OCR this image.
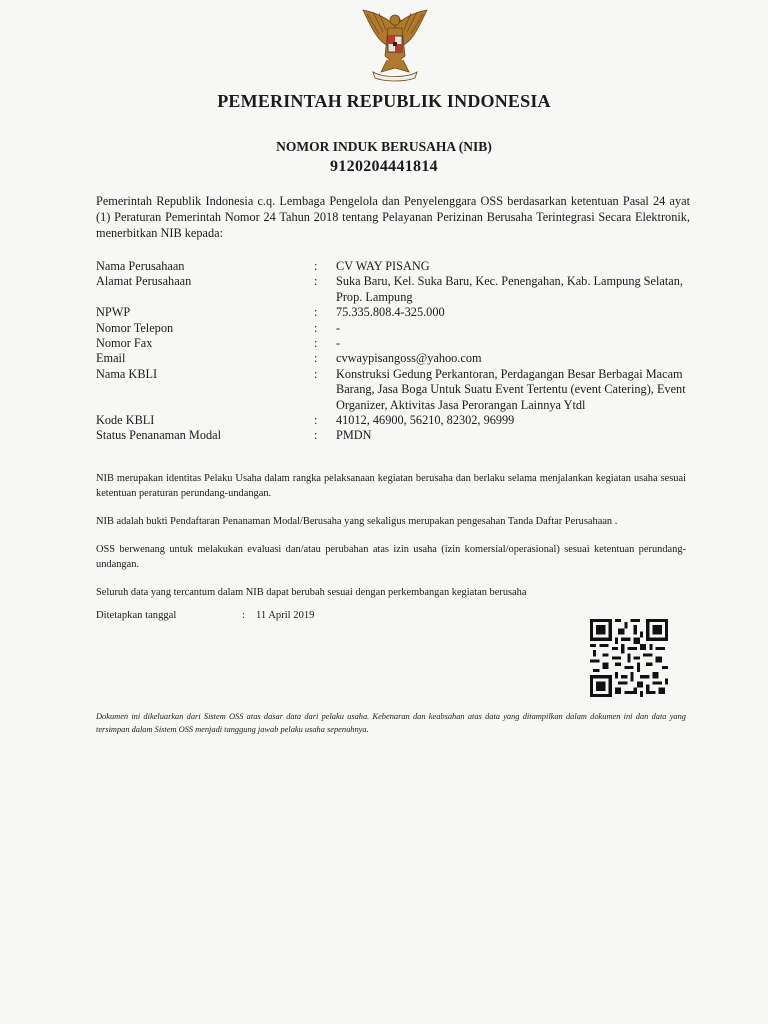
PEMERINTAH REPUBLIK INDONESIA
NOMOR INDUK BERUSAHA (NIB)
9120204441814
Pemerintah Republik Indonesia c.q. Lembaga Pengelola dan Penyelenggara OSS berdasarkan ketentuan Pasal 24 ayat (1) Peraturan Pemerintah Nomor 24 Tahun 2018 tentang Pelayanan Perizinan Berusaha Terintegrasi Secara Elektronik, menerbitkan NIB kepada:
Nama Perusahaan	:	CV WAY PISANG
Alamat Perusahaan	:	Suka Baru, Kel. Suka Baru, Kec. Penengahan, Kab. Lampung Selatan, Prop. Lampung
NPWP	:	75.335.808.4-325.000
Nomor Telepon	:	-
Nomor Fax	:	-
Email	:	cvwaypisangoss@yahoo.com
Nama KBLI	:	Konstruksi Gedung Perkantoran, Perdagangan Besar Berbagai Macam Barang, Jasa Boga Untuk Suatu Event Tertentu (event Catering), Event Organizer, Aktivitas Jasa Perorangan Lainnya Ytdl
Kode KBLI	:	41012, 46900, 56210, 82302, 96999
Status Penanaman Modal	:	PMDN

NIB merupakan identitas Pelaku Usaha dalam rangka pelaksanaan kegiatan berusaha dan berlaku selama menjalankan kegiatan usaha sesuai ketentuan peraturan perundang-undangan.

NIB adalah bukti Pendaftaran Penanaman Modal/Berusaha yang sekaligus merupakan pengesahan Tanda Daftar Perusahaan .

OSS berwenang untuk melakukan evaluasi dan/atau perubahan atas izin usaha (izin komersial/operasional) sesuai ketentuan perundang-undangan.

Seluruh data yang tercantum dalam NIB dapat berubah sesuai dengan perkembangan kegiatan berusaha

Ditetapkan tanggal	:	11 April 2019
Dokumen ini dikeluarkan dari Sistem OSS atas dasar data dari pelaku usaha. Kebenaran dan keabsahan atas data yang ditampilkan dalam dokumen ini dan data yang tersimpan dalam Sistem OSS menjadi tanggung jawab pelaku usaha sepenuhnya.
